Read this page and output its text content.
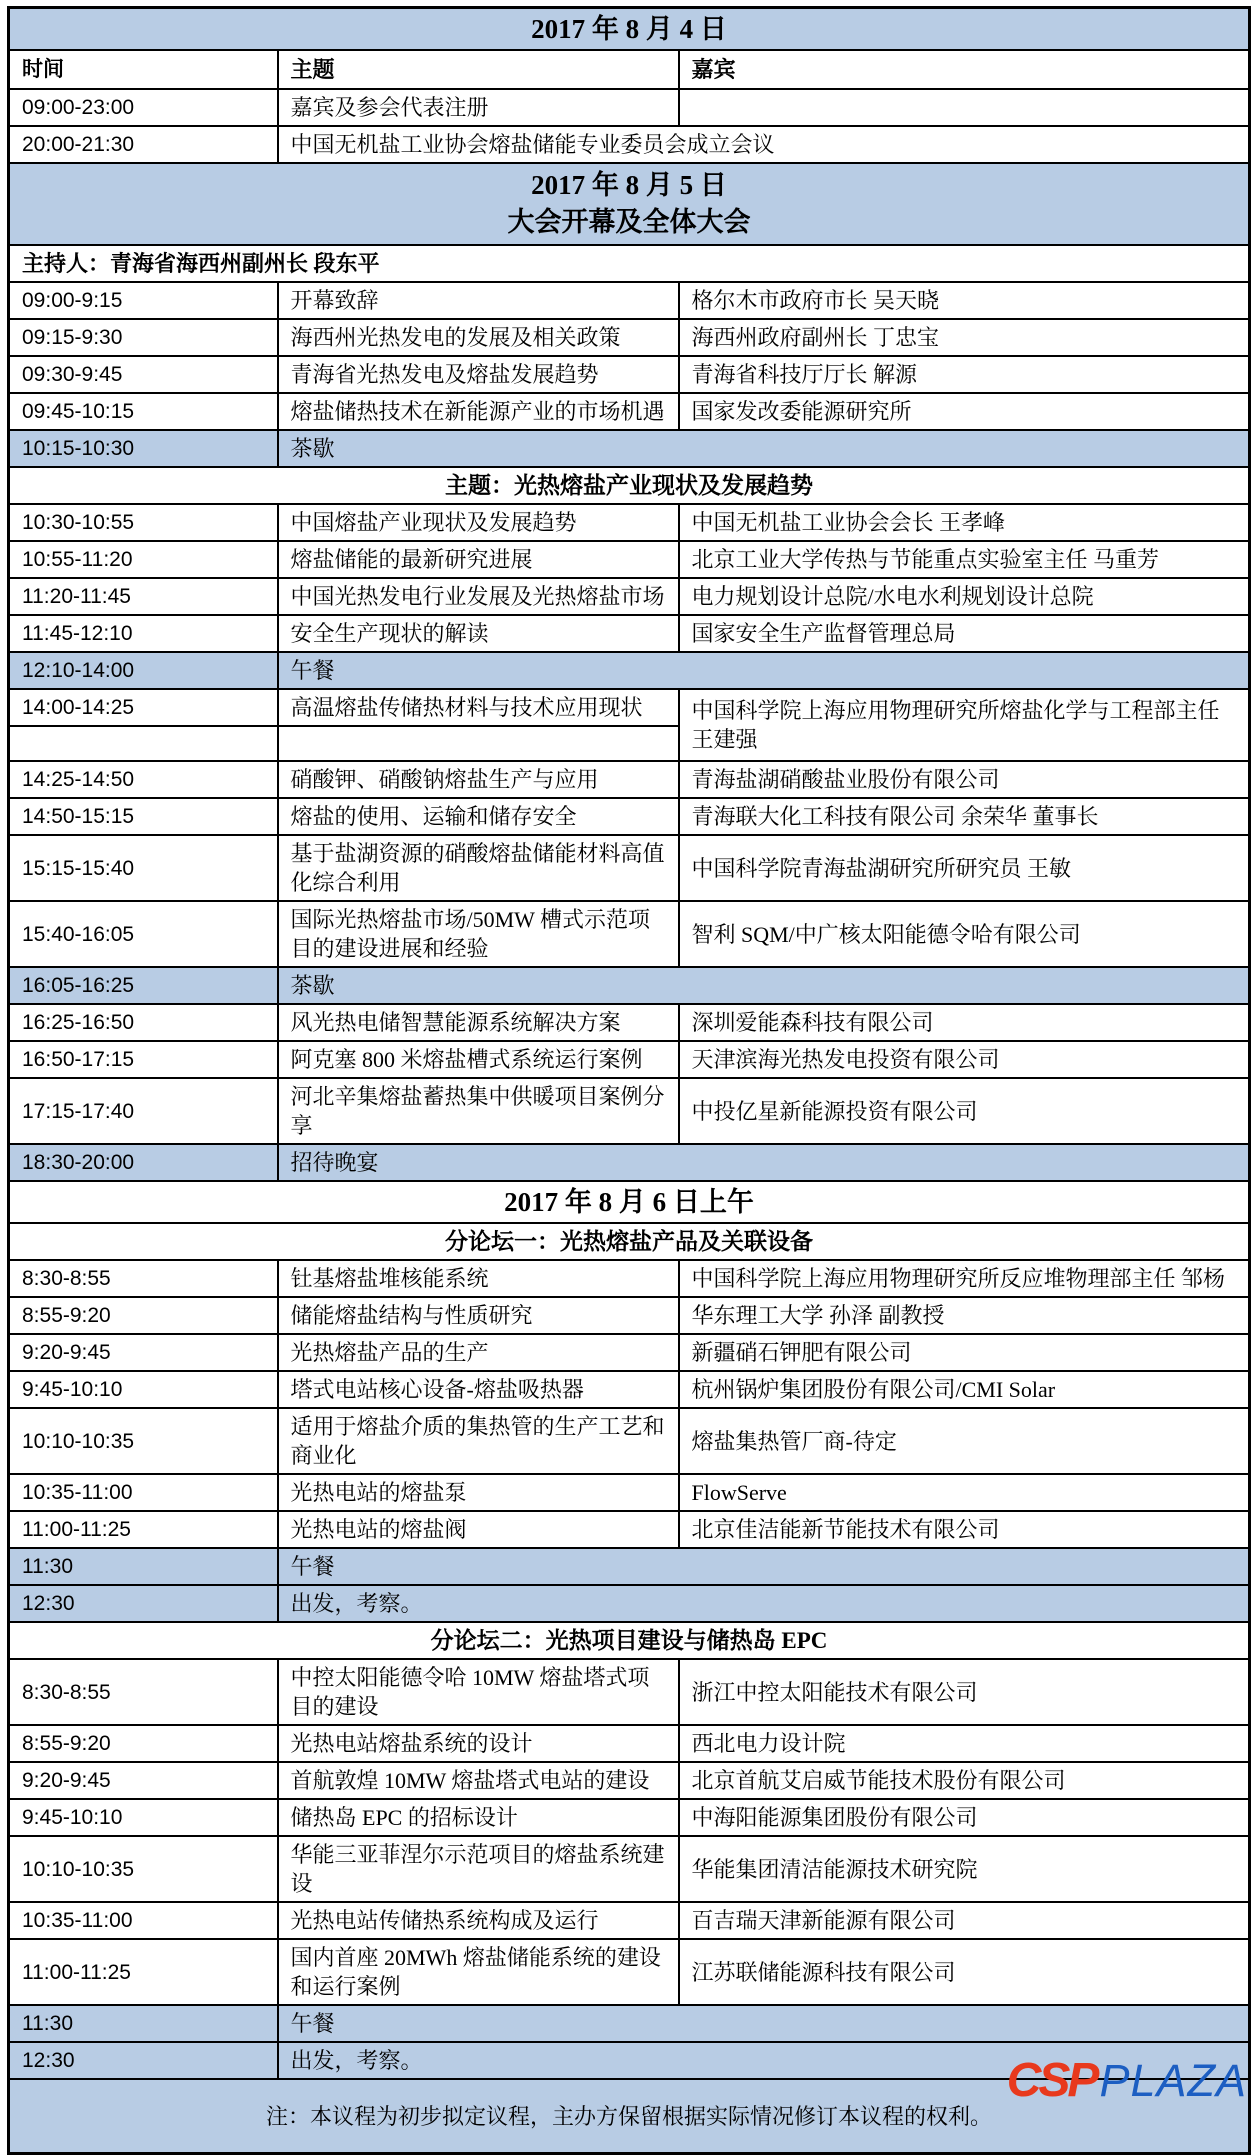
2017 年 8 月 4 日		

时间	主题	嘉宾
09:00-23:00	嘉宾及参会代表注册	
20:00-21:30	中国无机盐工业协会熔盐储能专业委员会成立会议	

2017 年 8 月 5 日
大会开幕及全体大会		

主持人：青海省海西州副州长 段东平		
09:00-9:15	开幕致辞	格尔木市政府市长 吴天晓
09:15-9:30	海西州光热发电的发展及相关政策	海西州政府副州长 丁忠宝
09:30-9:45	青海省光热发电及熔盐发展趋势	青海省科技厅厅长 解源
09:45-10:15	熔盐储热技术在新能源产业的市场机遇	国家发改委能源研究所
10:15-10:30	茶歇	
主题：光热熔盐产业现状及发展趋势		
10:30-10:55	中国熔盐产业现状及发展趋势	中国无机盐工业协会会长 王孝峰
10:55-11:20	熔盐储能的最新研究进展	北京工业大学传热与节能重点实验室主任 马重芳
11:20-11:45	中国光热发电行业发展及光热熔盐市场	电力规划设计总院/水电水利规划设计总院
11:45-12:10	安全生产现状的解读	国家安全生产监督管理总局
12:10-14:00	午餐	
14:00-14:25	高温熔盐传储热材料与技术应用现状	中国科学院上海应用物理研究所熔盐化学与工程部主任 王建强

14:25-14:50	硝酸钾、硝酸钠熔盐生产与应用	青海盐湖硝酸盐业股份有限公司
14:50-15:15	熔盐的使用、运输和储存安全	青海联大化工科技有限公司 余荣华 董事长
15:15-15:40	基于盐湖资源的硝酸熔盐储能材料高值化综合利用	中国科学院青海盐湖研究所研究员 王敏
15:40-16:05	国际光热熔盐市场/50MW 槽式示范项目的建设进展和经验	智利 SQM/中广核太阳能德令哈有限公司
16:05-16:25	茶歇	
16:25-16:50	风光热电储智慧能源系统解决方案	深圳爱能森科技有限公司
16:50-17:15	阿克塞 800 米熔盐槽式系统运行案例	天津滨海光热发电投资有限公司
17:15-17:40	河北辛集熔盐蓄热集中供暖项目案例分享	中投亿星新能源投资有限公司
18:30-20:00	招待晚宴	

2017 年 8 月 6 日上午		

分论坛一：光热熔盐产品及关联设备		
8:30-8:55	钍基熔盐堆核能系统	中国科学院上海应用物理研究所反应堆物理部主任 邹杨
8:55-9:20	储能熔盐结构与性质研究	华东理工大学 孙泽 副教授
9:20-9:45	光热熔盐产品的生产	新疆硝石钾肥有限公司
9:45-10:10	塔式电站核心设备-熔盐吸热器	杭州锅炉集团股份有限公司/CMI Solar
10:10-10:35	适用于熔盐介质的集热管的生产工艺和商业化	熔盐集热管厂商-待定
10:35-11:00	光热电站的熔盐泵	FlowServe
11:00-11:25	光热电站的熔盐阀	北京佳洁能新节能技术有限公司
11:30	午餐	
12:30	出发，考察。	
分论坛二：光热项目建设与储热岛 EPC		
8:30-8:55	中控太阳能德令哈 10MW 熔盐塔式项目的建设	浙江中控太阳能技术有限公司
8:55-9:20	光热电站熔盐系统的设计	西北电力设计院
9:20-9:45	首航敦煌 10MW 熔盐塔式电站的建设	北京首航艾启威节能技术股份有限公司
9:45-10:10	储热岛 EPC 的招标设计	中海阳能源集团股份有限公司
10:10-10:35	华能三亚菲涅尔示范项目的熔盐系统建设	华能集团清洁能源技术研究院
10:35-11:00	光热电站传储热系统构成及运行	百吉瑞天津新能源有限公司
11:00-11:25	国内首座 20MWh 熔盐储能系统的建设和运行案例	江苏联储能源科技有限公司
11:30	午餐	
12:30	出发，考察。	
注：本议程为初步拟定议程，主办方保留根据实际情况修订本议程的权利。		
CSPPLAZA
